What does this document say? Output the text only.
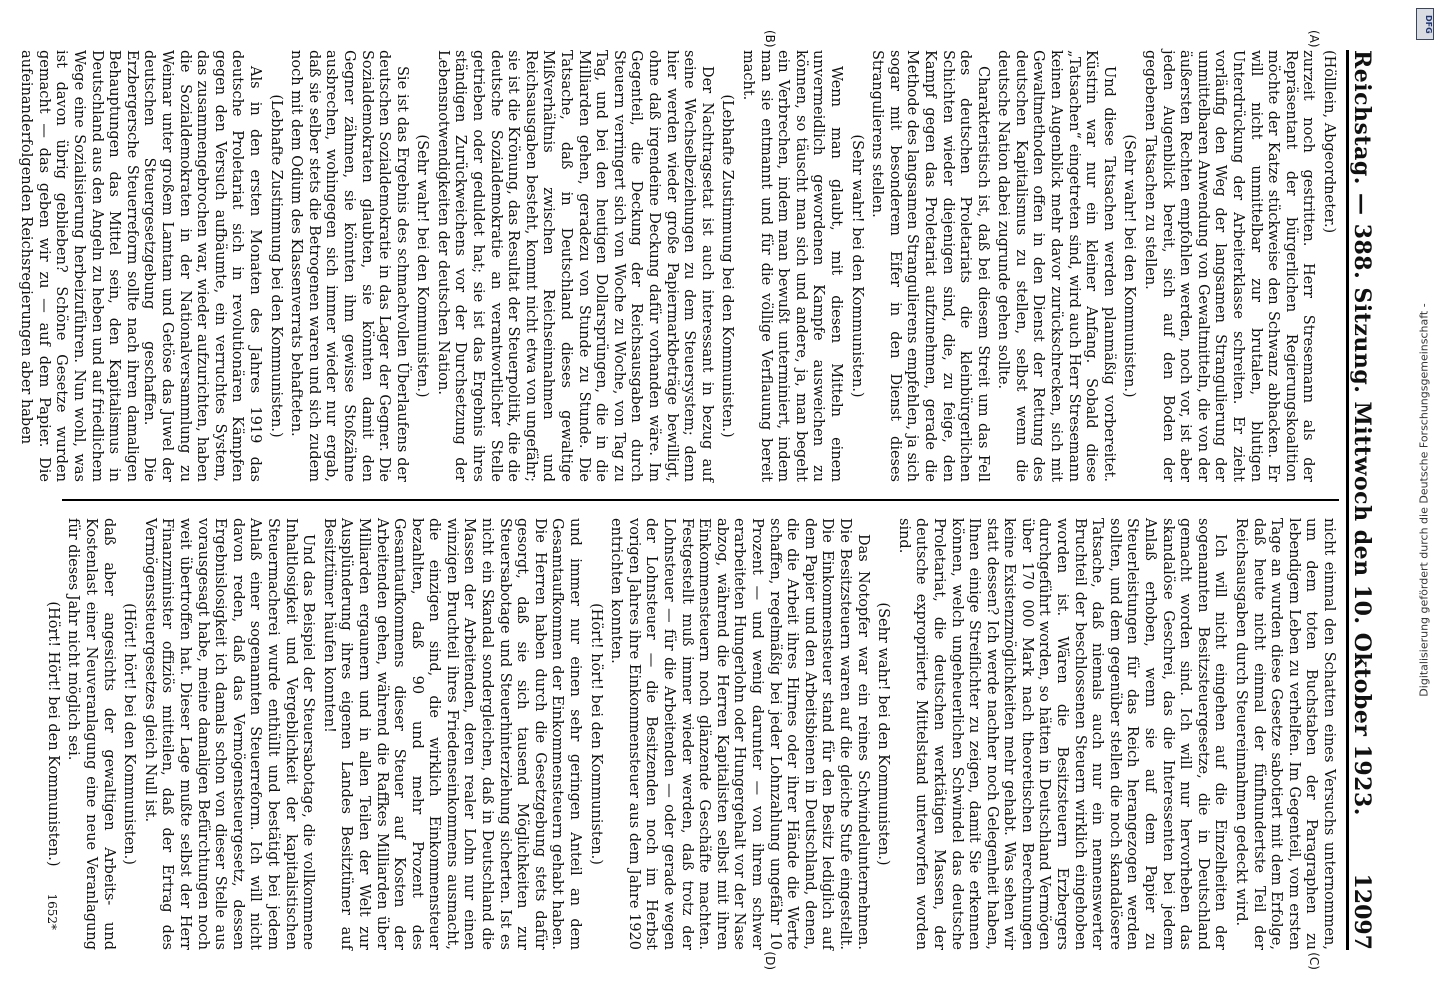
Reichstag. — 388. Sitzung. Mittwoch den 10. Oktober 1923.
12097
(A)
(B)
(C)
(D)

(Hölllein, Abgeordneter.)

zurzeit noch gestritten. Herr Stresemann als der Repräsentant der bürgerlichen Regierungskoalition möchte der Katze stückweise den Schwanz abhacken. Er will nicht unmittelbar zur brutalen, blutigen Unterdrückung der Arbeiterklasse schreiten. Er zieht vorläufig den Weg der langsamen Strangulierung der unmittelbaren Anwendung von Gewaltmitteln, die von der äußersten Rechten empfohlen werden, noch vor, ist aber jeden Augenblick bereit, sich auf den Boden der gegebenen Tatsachen zu stellen.

(Sehr wahr! bei den Kommunisten.)

Und diese Tatsachen werden planmäßig vorbereitet. Küstrin war nur ein kleiner Anfang. Sobald diese „Tatsachen“ eingetreten sind, wird auch Herr Stresemann keinen Augenblick mehr davor zurückschrecken, sich mit Gewaltmethoden offen in den Dienst der Rettung des deutschen Kapitalismus zu stellen, selbst wenn die deutsche Nation dabei zugrunde gehen sollte.

Charakteristisch ist, daß bei diesem Streit um das Fell des deutschen Proletariats die kleinbürgerlichen Schichten wieder diejenigen sind, die, zu feige, den Kampf gegen das Proletariat aufzunehmen, gerade die Methode des langsamen Strangulierens empfehlen, ja sich sogar mit besonderem Eifer in den Dienst dieses Strangulierens stellen.

(Sehr wahr! bei den Kommunisten.)

Wenn man glaubt, mit diesen Mitteln einem unvermeidlich gewordenen Kampfe ausweichen zu können, so täuscht man sich und andere, ja, man begeht ein Verbrechen, indem man bewußt unterminiert, indem man sie entmannt und für die völlige Verflauung bereit macht.

(Lebhafte Zustimmung bei den Kommunisten.)

Der Nachtragsetat ist auch interessant in bezug auf seine Wechselbeziehungen zu dem Steuersystem; denn hier werden wieder große Papiermarkbeträge bewilligt, ohne daß irgendeine Deckung dafür vorhanden wäre. Im Gegenteil, die Deckung der Reichsausgaben durch Steuern verringert sich von Woche zu Woche, von Tag zu Tag, und bei den heutigen Dollarsprüngen, die in die Milliarden gehen, geradezu von Stunde zu Stunde. Die Tatsache, daß in Deutschland dieses gewaltige Mißverhältnis zwischen Reichseinnahmen und Reichsausgaben besteht, kommt nicht etwa von ungefähr; sie ist die Krönung, das Resultat der Steuerpolitik, die die deutsche Sozialdemokratie an verantwortlicher Stelle getrieben oder geduldet hat; sie ist das Ergebnis ihres ständigen Zurückweichens vor der Durchsetzung der Lebensnotwendigkeiten der deutschen Nation.

(Sehr wahr! bei den Kommunisten.)

Sie ist das Ergebnis des schmachvollen Überlaufens der deutschen Sozialdemokratie in das Lager der Gegner. Die Sozialdemokraten glaubten, sie könnten damit den Gegner zähmen, sie könnten ihm gewisse Stoßzähne ausbrechen, wohingegen sich immer wieder nur ergab, daß sie selber stets die Betrogenen waren und sich zudem noch mit dem Odium des Klassenverrats behafteten.

(Lebhafte Zustimmung bei den Kommunisten.)

Als in den ersten Monaten des Jahres 1919 das deutsche Proletariat sich in revolutionären Kämpfen gegen den Versuch aufbäumte, ein verruchtes System, das zusammengebrochen war, wieder aufzurichten, haben die Sozialdemokraten in der Nationalversammlung zu Weimar unter großem Lamtam und Getöse das Juwel der deutschen Steuergesetzgebung geschaffen. Die Erzbergersche Steuerreform sollte nach ihren damaligen Behauptungen das Mittel sein, den Kapitalismus in Deutschland aus den Angeln zu heben und auf friedlichem Wege eine Sozialisierung herbeizuführen. Nun wohl, was ist davon übrig geblieben? Schöne Gesetze wurden gemacht — das geben wir zu — auf dem Papier. Die aufeinanderfolgenden Reichsregierungen aber haben

nicht einmal den Schatten eines Versuchs unternommen, um dem toten Buchstaben der Paragraphen zu lebendigem Leben zu verhelfen. Im Gegenteil, vom ersten Tage an wurden diese Gesetze sabotiert mit dem Erfolge, daß heute nicht einmal der fünfhundertste Teil der Reichsausgaben durch Steuereinnahmen gedeckt wird.

Ich will nicht eingehen auf die Einzelheiten der sogenannten Besitzsteuergesetze, die in Deutschland gemacht worden sind. Ich will nur hervorheben das skandalöse Geschrei, das die Interessenten bei jedem Anlaß erhoben, wenn sie auf dem Papier zu Steuerleistungen für das Reich herangezogen werden sollten, und dem gegenüber stellen die noch skandalösere Tatsache, daß niemals auch nur ein nennenswerter Bruchteil der beschlossenen Steuern wirklich eingehoben worden ist. Wären die Besitzsteuern Erzbergers durchgeführt worden, so hätten in Deutschland Vermögen über 170 000 Mark nach theoretischen Berechnungen keine Existenzmöglichkeiten mehr gehabt. Was sehen wir statt dessen? Ich werde nachher noch Gelegenheit haben, Ihnen einige Streiflichter zu zeigen, damit Sie erkennen können, welch ungeheuerlichen Schwindel das deutsche Proletariat, die deutschen werktätigen Massen, der deutsche expropriierte Mittelstand unterworfen worden sind.

(Sehr wahr! bei den Kommunisten.)

Das Notopfer war ein reines Schwindelunternehmen. Die Besitzsteuern waren auf die gleiche Stufe eingestellt. Die Einkommensteuer stand für den Besitz lediglich auf dem Papier und den Arbeitsbienen in Deutschland, denen, die die Arbeit ihres Hirnes oder ihrer Hände die Werte schaffen, regelmäßig bei jeder Lohnzahlung ungefähr 10 Prozent — und wenig darunter — von ihrem schwer erarbeiteten Hungerlohn oder Hungergehalt vor der Nase abzog, während die Herren Kapitalisten selbst mit ihren Einkommensteuern noch glänzende Geschäfte machten. Festgestellt muß immer wieder werden, daß trotz der Lohnsteuer — für die Arbeitenden — oder gerade wegen der Lohnsteuer — die Besitzenden noch im Herbst vorigen Jahres ihre Einkommensteuer aus dem Jahre 1920 entrichten konnten.

(Hört! hört! bei den Kommunisten.)

und immer nur einen sehr geringen Anteil an dem Gesamtaufkommen der Einkommensteuern gehabt haben. Die Herren haben durch die Gesetzgebung stets dafür gesorgt, daß sie sich tausend Möglichkeiten zur Steuersabotage und Steuerhinterziehung sicherten. Ist es nicht ein Skandal sondergleichen, daß in Deutschland die Massen der Arbeitenden, deren realer Lohn nur einen winzigen Bruchteil ihres Friedenseinkommens ausmacht, die einzigen sind, die wirklich Einkommensteuer bezahlten, daß 90 und mehr Prozent des Gesamtaufkommens dieser Steuer auf Kosten der Arbeitenden gehen, während die Raffkes Milliarden über Milliarden ergaunern und in allen Teilen der Welt zur Ausplünderung ihres eigenen Landes Besitztümer auf Besitztümer häufen konnten!

Und das Beispiel der Steuersabotage, die vollkommene Inhaltlosigkeit und Vergeblichkeit der kapitalistischen Steuermacherei wurde enthüllt und bestätigt bei jedem Anlaß einer sogenannten Steuerreform. Ich will nicht davon reden, daß das Vermögensteuergesetz, dessen Ergebnislosigkeit ich damals schon von dieser Stelle aus vorausgesagt habe, meine damaligen Befürchtungen noch weit übertroffen hat. Dieser Lage mußte selbst der Herr Finanzminister offiziös mitteilen, daß der Ertrag des Vermögenssteuergesetzes gleich Null ist.

(Hört! hört! bei den Kommunisten.)

daß aber angesichts der gewaltigen Arbeits- und Kostenlast einer Neuveranlagung eine neue Veranlagung für dieses Jahr nicht möglich sei.

(Hört! Hört! bei den Kommunisten.)

1652*
DFG
Digitalisierung gefördert durch die Deutsche Forschungsgemeinschaft -
